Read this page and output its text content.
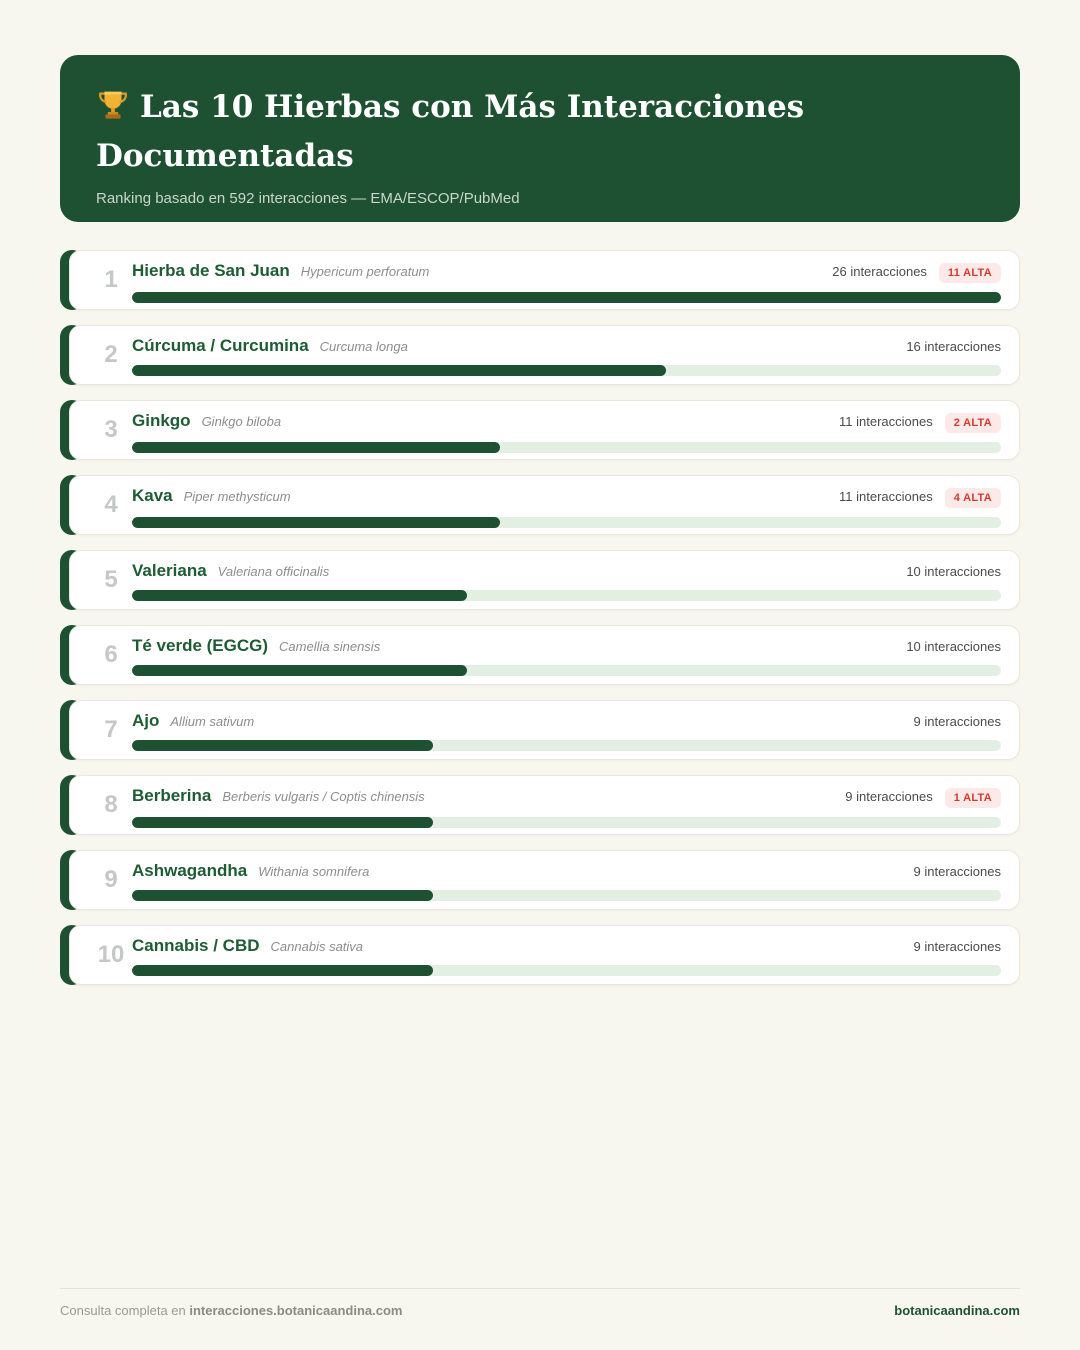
Las 10 Hierbas con Más Interacciones Documentadas
Ranking basado en 592 interacciones — EMA/ESCOP/PubMed
1 Hierba de San Juan Hypericum perforatum	26 interacciones	11 ALTA
2 Cúrcuma / Curcumina Curcuma longa	16 interacciones
3 Ginkgo Ginkgo biloba	11 interacciones	2 ALTA
4 Kava Piper methysticum	11 interacciones	4 ALTA
5 Valeriana Valeriana officinalis	10 interacciones
6 Té verde (EGCG) Camellia sinensis	10 interacciones
7 Ajo Allium sativum	9 interacciones
8 Berberina Berberis vulgaris / Coptis chinensis	9 interacciones	1 ALTA
9 Ashwagandha Withania somnifera	9 interacciones
10 Cannabis / CBD Cannabis sativa	9 interacciones
Consulta completa en interacciones.botanicaandina.com	botanicaandina.com
